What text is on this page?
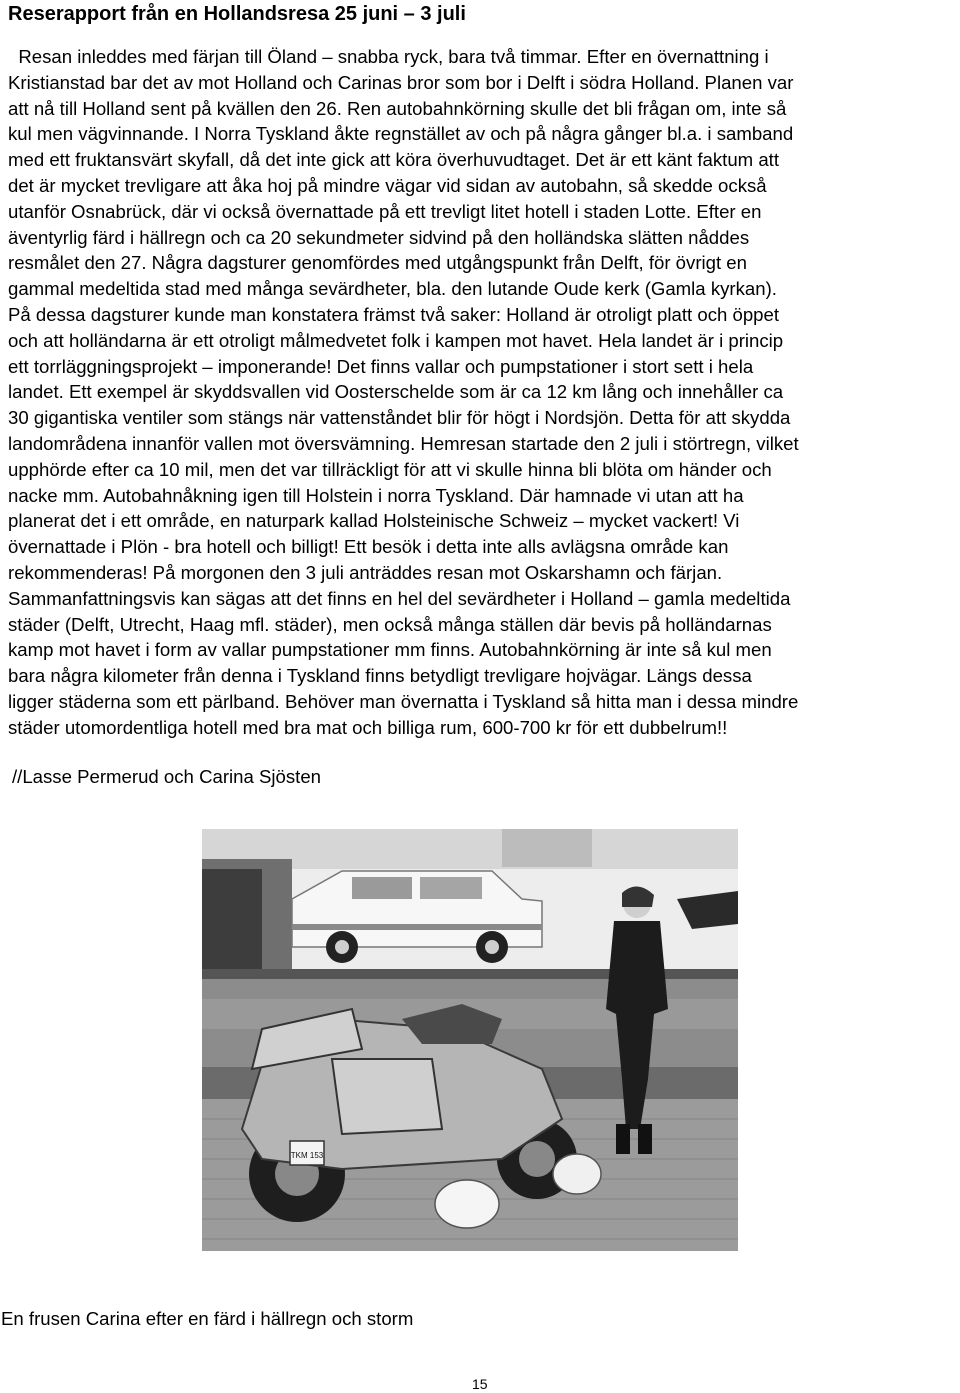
Reserapport från en Hollandsresa 25 juni – 3 juli
Resan inleddes med färjan till Öland – snabba ryck, bara två timmar. Efter en övernattning i
Kristianstad bar det av mot Holland och Carinas bror som bor i Delft i södra Holland. Planen var
att nå till Holland sent på kvällen den 26. Ren autobahnkörning skulle det bli frågan om, inte så
kul men vägvinnande. I Norra Tyskland åkte regnstället av och på några gånger bl.a. i samband
med ett fruktansvärt skyfall, då det inte gick att köra överhuvudtaget. Det är ett känt faktum att
det är mycket trevligare att åka hoj på mindre vägar vid sidan av autobahn, så skedde också
utanför Osnabrück, där vi också övernattade på ett trevligt litet hotell i staden Lotte. Efter en
äventyrlig färd i hällregn och ca 20 sekundmeter sidvind på den holländska slätten nåddes
resmålet den 27. Några dagsturer genomfördes med utgångspunkt från Delft, för övrigt en
gammal medeltida stad med många sevärdheter, bla. den lutande Oude kerk (Gamla kyrkan).
På dessa dagsturer kunde man konstatera främst två saker: Holland är otroligt platt och öppet
och att holländarna är ett otroligt målmedvetet folk i kampen mot havet. Hela landet är i princip
ett torrläggningsprojekt – imponerande! Det finns vallar och pumpstationer i stort sett i hela
landet. Ett exempel är skyddsvallen vid Oosterschelde som är ca 12 km lång och innehåller ca
30 gigantiska ventiler som stängs när vattenståndet blir för högt i Nordsjön. Detta för att skydda
landområdena innanför vallen mot översvämning. Hemresan startade den 2 juli i störtregn, vilket
upphörde efter ca 10 mil, men det var tillräckligt för att vi skulle hinna bli blöta om händer och
nacke mm. Autobahnåkning igen till Holstein i norra Tyskland. Där hamnade vi utan att ha
planerat det i ett område, en naturpark kallad Holsteinische Schweiz – mycket vackert! Vi
övernattade i Plön - bra hotell och billigt! Ett besök i detta inte alls avlägsna område kan
rekommenderas! På morgonen den 3 juli anträddes resan mot Oskarshamn och färjan.
Sammanfattningsvis kan sägas att det finns en hel del sevärdheter i Holland – gamla medeltida
städer (Delft, Utrecht, Haag mfl. städer), men också många ställen där bevis på holländarnas
kamp mot havet i form av vallar pumpstationer mm finns. Autobahnkörning är inte så kul men
bara några kilometer från denna i Tyskland finns betydligt trevligare hojvägar. Längs dessa
ligger städerna som ett pärlband. Behöver man övernatta i Tyskland så hitta man i dessa mindre
städer utomordentliga hotell med bra mat och billiga rum, 600-700 kr för ett dubbelrum!!

//Lasse Permerud och Carina Sjösten

TKM 153

En frusen Carina efter en färd i hällregn och storm

15
